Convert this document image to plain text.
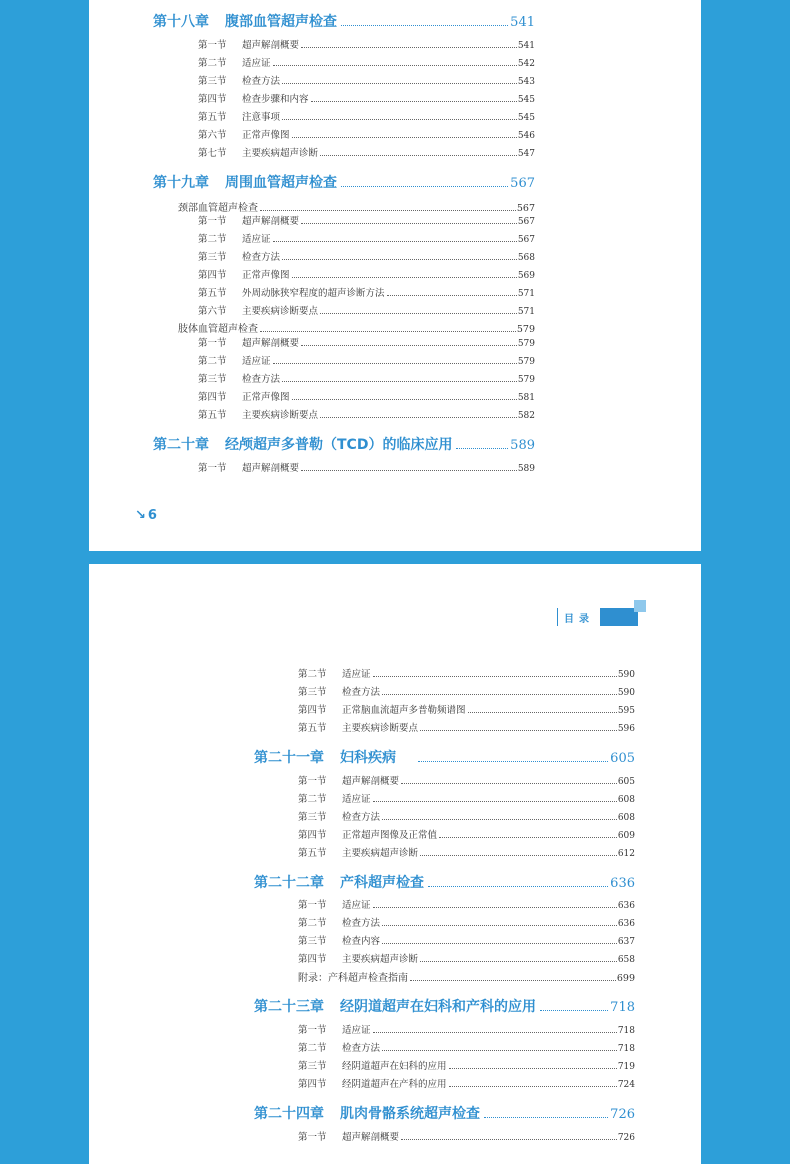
第十八章 腹部血管超声检查	541
第一节	超声解剖概要	541
第二节	适应证	542
第三节	检查方法	543
第四节	检查步骤和内容	545
第五节	注意事项	545
第六节	正常声像图	546
第七节	主要疾病超声诊断	547
第十九章 周围血管超声检查	567
颈部血管超声检查	567
第一节	超声解剖概要	567
第二节	适应证	567
第三节	检查方法	568
第四节	正常声像图	569
第五节	外周动脉狭窄程度的超声诊断方法	571
第六节	主要疾病诊断要点	571
肢体血管超声检查	579
第一节	超声解剖概要	579
第二节	适应证	579
第三节	检查方法	579
第四节	正常声像图	581
第五节	主要疾病诊断要点	582
第二十章 经颅超声多普勒（TCD）的临床应用	589
第一节	超声解剖概要	589
↘ 6
目录
第二节	适应证	590
第三节	检查方法	590
第四节	正常脑血流超声多普勒频谱图	595
第五节	主要疾病诊断要点	596
第二十一章 妇科疾病	605
第一节	超声解剖概要	605
第二节	适应证	608
第三节	检查方法	608
第四节	正常超声图像及正常值	609
第五节	主要疾病超声诊断	612
第二十二章 产科超声检查	636
第一节	适应证	636
第二节	检查方法	636
第三节	检查内容	637
第四节	主要疾病超声诊断	658
附录：产科超声检查指南	699
第二十三章 经阴道超声在妇科和产科的应用	718
第一节	适应证	718
第二节	检查方法	718
第三节	经阴道超声在妇科的应用	719
第四节	经阴道超声在产科的应用	724
第二十四章 肌肉骨骼系统超声检查	726
第一节	超声解剖概要	726
